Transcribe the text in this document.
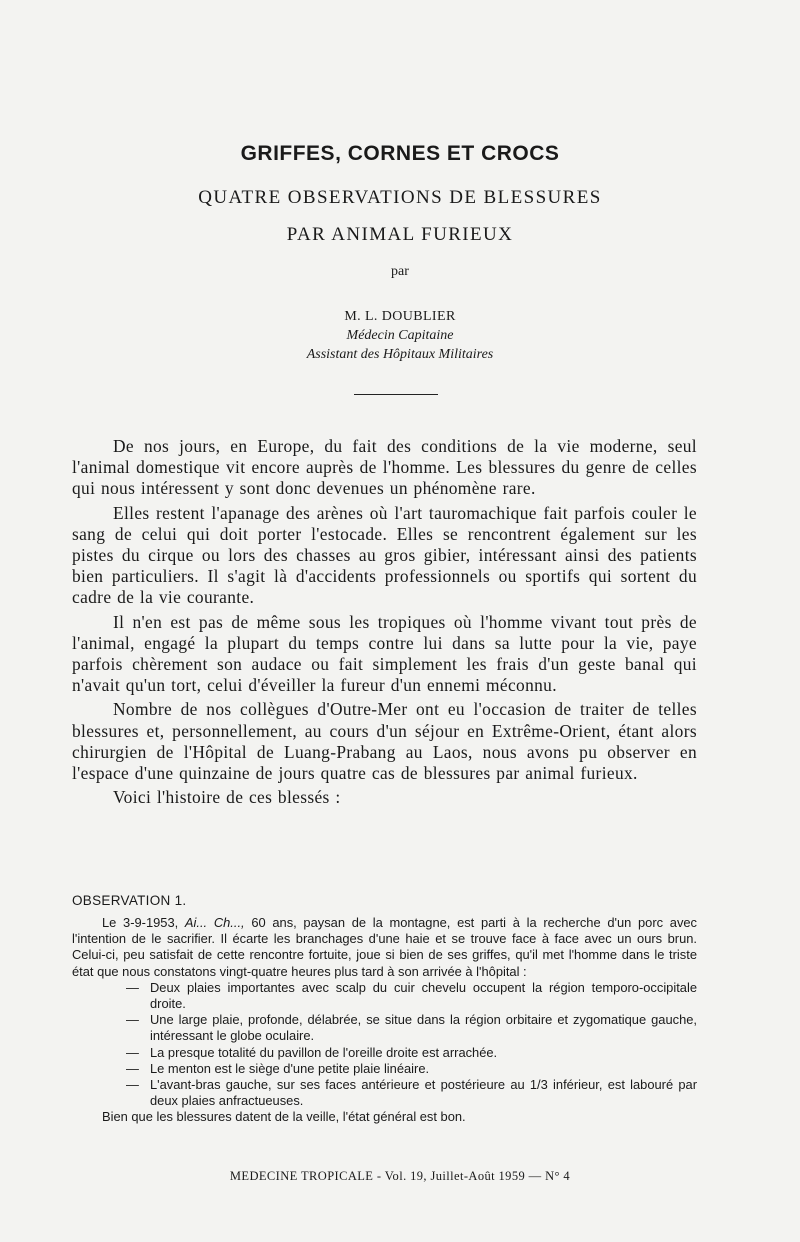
GRIFFES, CORNES ET CROCS
QUATRE OBSERVATIONS DE BLESSURES
PAR ANIMAL FURIEUX
par
M. L. DOUBLIER
Médecin Capitaine
Assistant des Hôpitaux Militaires

De nos jours, en Europe, du fait des conditions de la vie moderne, seul l'animal domestique vit encore auprès de l'homme. Les blessures du genre de celles qui nous intéressent y sont donc devenues un phénomène rare.

Elles restent l'apanage des arènes où l'art tauromachique fait parfois couler le sang de celui qui doit porter l'estocade. Elles se rencontrent également sur les pistes du cirque ou lors des chasses au gros gibier, intéressant ainsi des patients bien particuliers. Il s'agit là d'accidents professionnels ou sportifs qui sortent du cadre de la vie courante.

Il n'en est pas de même sous les tropiques où l'homme vivant tout près de l'animal, engagé la plupart du temps contre lui dans sa lutte pour la vie, paye parfois chèrement son audace ou fait simplement les frais d'un geste banal qui n'avait qu'un tort, celui d'éveiller la fureur d'un ennemi méconnu.

Nombre de nos collègues d'Outre-Mer ont eu l'occasion de traiter de telles blessures et, personnellement, au cours d'un séjour en Extrême-Orient, étant alors chirurgien de l'Hôpital de Luang-Prabang au Laos, nous avons pu observer en l'espace d'une quinzaine de jours quatre cas de blessures par animal furieux.

Voici l'histoire de ces blessés :

OBSERVATION 1.

Le 3-9-1953, Ai... Ch..., 60 ans, paysan de la montagne, est parti à la recherche d'un porc avec l'intention de le sacrifier. Il écarte les branchages d'une haie et se trouve face à face avec un ours brun. Celui-ci, peu satisfait de cette rencontre fortuite, joue si bien de ses griffes, qu'il met l'homme dans le triste état que nous constatons vingt-quatre heures plus tard à son arrivée à l'hôpital :

— Deux plaies importantes avec scalp du cuir chevelu occupent la région temporo-occipitale droite.
— Une large plaie, profonde, délabrée, se situe dans la région orbitaire et zygomatique gauche, intéressant le globe oculaire.
— La presque totalité du pavillon de l'oreille droite est arrachée.
— Le menton est le siège d'une petite plaie linéaire.
— L'avant-bras gauche, sur ses faces antérieure et postérieure au 1/3 inférieur, est labouré par deux plaies anfractueuses.

Bien que les blessures datent de la veille, l'état général est bon.

MEDECINE TROPICALE - Vol. 19, Juillet-Août 1959 — N° 4
